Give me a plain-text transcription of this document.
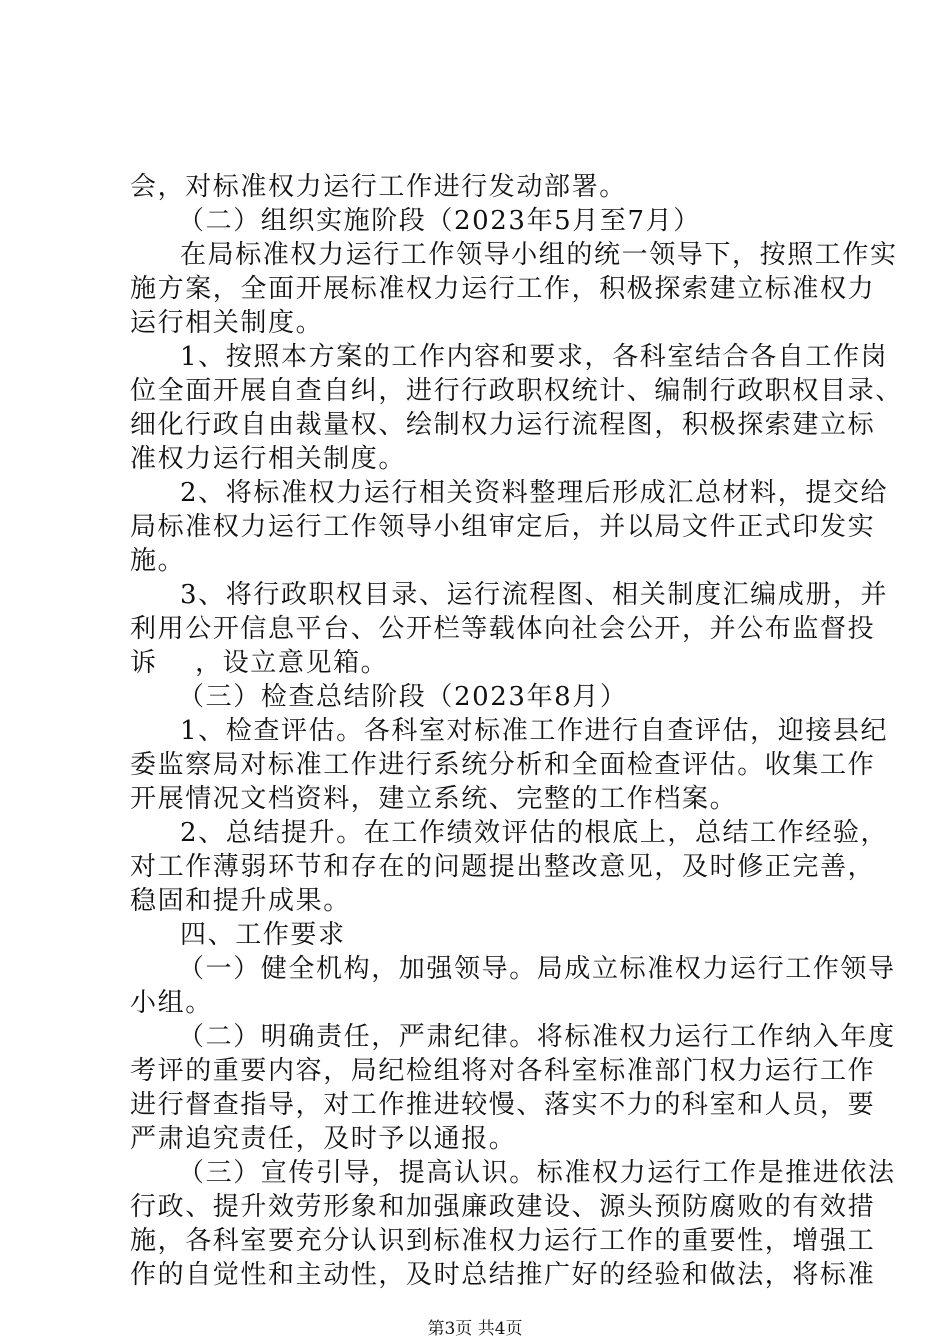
会，对标准权力运行工作进行发动部署。
（二）组织实施阶段（2023年5月至7月）
在局标准权力运行工作领导小组的统一领导下，按照工作实
施方案，全面开展标准权力运行工作，积极探索建立标准权力
运行相关制度。
1、按照本方案的工作内容和要求，各科室结合各自工作岗
位全面开展自查自纠，进行行政职权统计、编制行政职权目录、
细化行政自由裁量权、绘制权力运行流程图，积极探索建立标
准权力运行相关制度。
2、将标准权力运行相关资料整理后形成汇总材料，提交给
局标准权力运行工作领导小组审定后，并以局文件正式印发实
施。
3、将行政职权目录、运行流程图、相关制度汇编成册，并
利用公开信息平台、公开栏等载体向社会公开，并公布监督投
诉　 ，设立意见箱。
（三）检查总结阶段（2023年8月）
1、检查评估。各科室对标准工作进行自查评估，迎接县纪
委监察局对标准工作进行系统分析和全面检查评估。收集工作
开展情况文档资料，建立系统、完整的工作档案。
2、总结提升。在工作绩效评估的根底上，总结工作经验，
对工作薄弱环节和存在的问题提出整改意见，及时修正完善，
稳固和提升成果。
四、工作要求
（一）健全机构，加强领导。局成立标准权力运行工作领导
小组。
（二）明确责任，严肃纪律。将标准权力运行工作纳入年度
考评的重要内容，局纪检组将对各科室标准部门权力运行工作
进行督查指导，对工作推进较慢、落实不力的科室和人员，要
严肃追究责任，及时予以通报。
（三）宣传引导，提高认识。标准权力运行工作是推进依法
行政、提升效劳形象和加强廉政建设、源头预防腐败的有效措
施，各科室要充分认识到标准权力运行工作的重要性，增强工
作的自觉性和主动性，及时总结推广好的经验和做法，将标准
第3页 共4页
